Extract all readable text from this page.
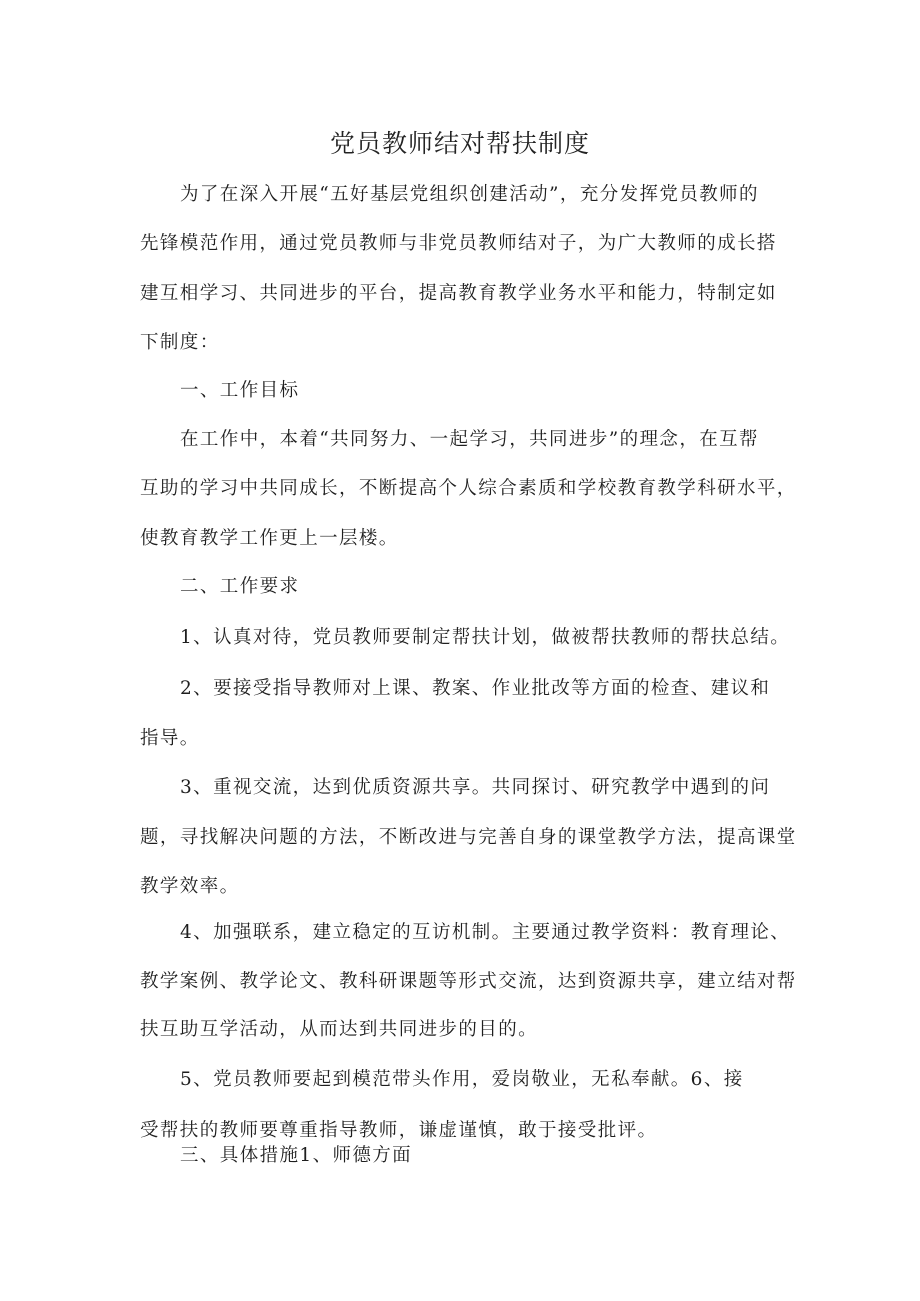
党员教师结对帮扶制度
为了在深入开展“五好基层党组织创建活动”，充分发挥党员教师的
先锋模范作用，通过党员教师与非党员教师结对子，为广大教师的成长搭
建互相学习、共同进步的平台，提高教育教学业务水平和能力，特制定如
下制度：
一、工作目标
在工作中，本着“共同努力、一起学习，共同进步”的理念，在互帮
互助的学习中共同成长，不断提高个人综合素质和学校教育教学科研水平，
使教育教学工作更上一层楼。
二、工作要求
1、认真对待，党员教师要制定帮扶计划，做被帮扶教师的帮扶总结。
2、要接受指导教师对上课、教案、作业批改等方面的检查、建议和
指导。
3、重视交流，达到优质资源共享。共同探讨、研究教学中遇到的问
题，寻找解决问题的方法，不断改进与完善自身的课堂教学方法，提高课堂
教学效率。
4、加强联系，建立稳定的互访机制。主要通过教学资料：教育理论、
教学案例、教学论文、教科研课题等形式交流，达到资源共享，建立结对帮
扶互助互学活动，从而达到共同进步的目的。
5、党员教师要起到模范带头作用，爱岗敬业，无私奉献。6、接
受帮扶的教师要尊重指导教师，谦虚谨慎，敢于接受批评。
三、具体措施1、师德方面
